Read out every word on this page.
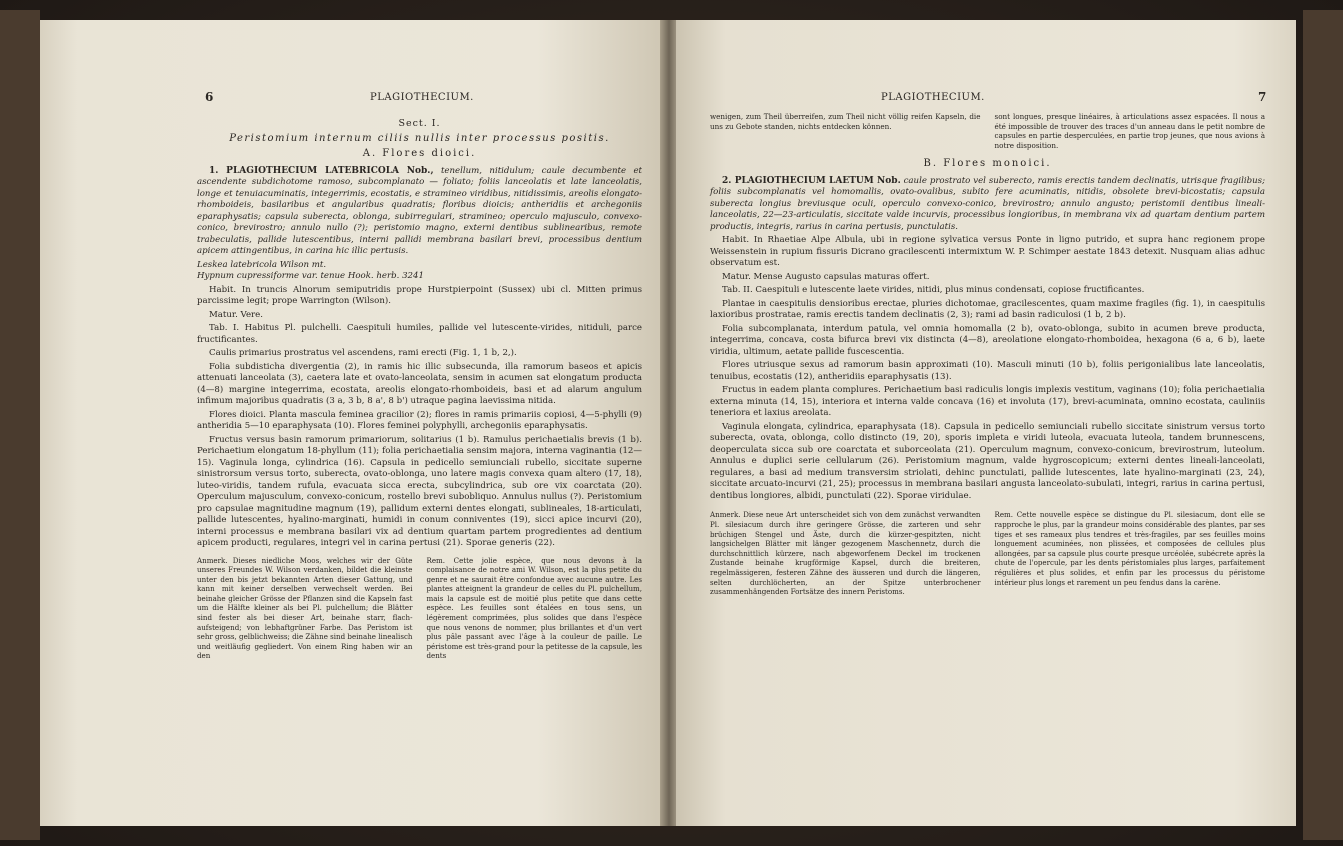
6	PLAGIOTHECIUM.
Sect. I.
Peristomium internum ciliis nullis inter processus positis.
A. Flores dioici.

1. PLAGIOTHECIUM LATEBRICOLA Nob., tenellum, nitidulum; caule decumbente et ascendente subdichotome ramoso, subcomplanato — foliato; foliis lanceolatis et late lanceolatis, longe et tenuiacuminatis, integerrimis, ecostatis, e stramineo viridibus, nitidissimis, areolis elongato-rhomboideis, basilaribus et angularibus quadratis; floribus dioicis; antheridiis et archegoniis eparaphysatis; capsula suberecta, oblonga, subirregulari, stramineo; operculo majusculo, convexo-conico, brevirostro; annulo nullo (?); peristomio magno, externi dentibus sublinearibus, remote trabeculatis, pallide lutescentibus, interni pallidi membrana basilari brevi, processibus dentium apicem attingentibus, in carina hic illic pertusis.

Leskea latebricola Wilson mt.

Hypnum cupressiforme var. tenue Hook. herb. 3241

Habit. In truncis Alnorum semiputridis prope Hurstpierpoint (Sussex) ubi cl. Mitten primus parcissime legit; prope Warrington (Wilson).

Matur. Vere.

Tab. I. Habitus Pl. pulchelli. Caespituli humiles, pallide vel lutescente-virides, nitiduli, parce fructificantes.

Caulis primarius prostratus vel ascendens, rami erecti (Fig. 1, 1 b, 2,).

Folia subdisticha divergentia (2), in ramis hic illic subsecunda, illa ramorum baseos et apicis attenuati lanceolata (3), caetera late et ovato-lanceolata, sensim in acumen sat elongatum producta (4—8) margine integerrima, ecostata, areolis elongato-rhomboideis, basi et ad alarum angulum infimum majoribus quadratis (3 a, 3 b, 8 a', 8 b') utraque pagina laevissima nitida.

Flores dioici. Planta mascula feminea gracilior (2); flores in ramis primariis copiosi, 4—5-phylli (9) antheridia 5—10 eparaphysata (10). Flores feminei polyphylli, archegoniis eparaphysatis.

Fructus versus basin ramorum primariorum, solitarius (1 b). Ramulus perichaetialis brevis (1 b). Perichaetium elongatum 18-phyllum (11); folia perichaetialia sensim majora, interna vaginantia (12—15). Vaginula longa, cylindrica (16). Capsula in pedicello semiunciali rubello, siccitate superne sinistrorsum versus torto, suberecta, ovato-oblonga, uno latere magis convexa quam altero (17, 18), luteo-viridis, tandem rufula, evacuata sicca erecta, subcylindrica, sub ore vix coarctata (20). Operculum majusculum, convexo-conicum, rostello brevi subobliquo. Annulus nullus (?). Peristomium pro capsulae magnitudine magnum (19), pallidum externi dentes elongati, sublineales, 18-articulati, pallide lutescentes, hyalino-marginati, humidi in conum conniventes (19), sicci apice incurvi (20), interni processus e membrana basilari vix ad dentium quartam partem progredientes ad dentium apicem producti, regulares, integri vel in carina pertusi (21). Sporae generis (22).

Anmerk. Dieses niedliche Moos, welches wir der Güte unseres Freundes W. Wilson verdanken, bildet die kleinste unter den bis jetzt bekannten Arten dieser Gattung, und kann mit keiner derselben verwechselt werden. Bei beinahe gleicher Grösse der Pflanzen sind die Kapseln fast um die Hälfte kleiner als bei Pl. pulchellum; die Blätter sind fester als bei dieser Art, beinahe starr, flach-aufsteigend; von lebhaftgrüner Farbe. Das Peristom ist sehr gross, gelblichweiss; die Zähne sind beinahe linealisch und weitläufig gegliedert. Von einem Ring haben wir an den
Rem. Cette jolie espèce, que nous devons à la complaisance de notre ami W. Wilson, est la plus petite du genre et ne saurait être confondue avec aucune autre. Les plantes atteignent la grandeur de celles du Pl. pulchellum, mais la capsule est de moitié plus petite que dans cette espèce. Les feuilles sont étalées en tous sens, un légèrement comprimées, plus solides que dans l'espèce que nous venons de nommer, plus brillantes et d'un vert plus pâle passant avec l'âge à la couleur de paille. Le péristome est très-grand pour la petitesse de la capsule, les dents
PLAGIOTHECIUM.	7
wenigen, zum Theil überreifen, zum Theil nicht völlig reifen Kapseln, die uns zu Gebote standen, nichts entdecken können.
sont longues, presque linéaires, à articulations assez espacées. Il nous a été impossible de trouver des traces d'un anneau dans le petit nombre de capsules en partie desperculées, en partie trop jeunes, que nous avions à notre disposition.
B. Flores monoici.

2. PLAGIOTHECIUM LAETUM Nob. caule prostrato vel suberecto, ramis erectis tandem declinatis, utrisque fragilibus; foliis subcomplanatis vel homomallis, ovato-ovalibus, subito fere acuminatis, nitidis, obsolete brevi-bicostatis; capsula suberecta longius breviusque oculi, operculo convexo-conico, brevirostro; annulo angusto; peristomii dentibus lineali-lanceolatis, 22—23-articulatis, siccitate valde incurvis, processibus longioribus, in membrana vix ad quartam dentium partem productis, integris, rarius in carina pertusis, punctulatis.

Habit. In Rhaetiae Alpe Albula, ubi in regione sylvatica versus Ponte in ligno putrido, et supra hanc regionem prope Weissenstein in rupium fissuris Dicrano gracilescenti intermixtum W. P. Schimper aestate 1843 detexit. Nusquam alias adhuc observatum est.

Matur. Mense Augusto capsulas maturas offert.

Tab. II. Caespituli e lutescente laete virides, nitidi, plus minus condensati, copiose fructificantes.

Plantae in caespitulis densioribus erectae, pluries dichotomae, gracilescentes, quam maxime fragiles (fig. 1), in caespitulis laxioribus prostratae, ramis erectis tandem declinatis (2, 3); rami ad basin radiculosi (1 b, 2 b).

Folia subcomplanata, interdum patula, vel omnia homomalla (2 b), ovato-oblonga, subito in acumen breve producta, integerrima, concava, costa bifurca brevi vix distincta (4—8), areolatione elongato-rhomboidea, hexagona (6 a, 6 b), laete viridia, ultimum, aetate pallide fuscescentia.

Flores utriusque sexus ad ramorum basin approximati (10). Masculi minuti (10 b), foliis perigonialibus late lanceolatis, tenuibus, ecostatis (12), antheridiis eparaphysatis (13).

Fructus in eadem planta complures. Perichaetium basi radiculis longis implexis vestitum, vaginans (10); folia perichaetialia externa minuta (14, 15), interiora et interna valde concava (16) et involuta (17), brevi-acuminata, omnino ecostata, cauliniis teneriora et laxius areolata.

Vaginula elongata, cylindrica, eparaphysata (18). Capsula in pedicello semiunciali rubello siccitate sinistrum versus torto suberecta, ovata, oblonga, collo distincto (19, 20), sporis impleta e viridi luteola, evacuata luteola, tandem brunnescens, deoperculata sicca sub ore coarctata et suborceolata (21). Operculum magnum, convexo-conicum, brevirostrum, luteolum. Annulus e duplici serie cellularum (26). Peristomium magnum, valde hygroscopicum; externi dentes lineali-lanceolati, regulares, a basi ad medium transversim striolati, dehinc punctulati, pallide lutescentes, late hyalino-marginati (23, 24), siccitate arcuato-incurvi (21, 25); processus in membrana basilari angusta lanceolato-subulati, integri, rarius in carina pertusi, dentibus longiores, albidi, punctulati (22). Sporae viridulae.

Anmerk. Diese neue Art unterscheidet sich von dem zunächst verwandten Pl. silesiacum durch ihre geringere Grösse, die zarteren und sehr brüchigen Stengel und Äste, durch die kürzer-gespitzten, nicht langsichelgen Blätter mit länger gezogenem Maschennetz, durch die durchschnittlich kürzere, nach abgeworfenem Deckel im trockenen Zustande beinahe krugförmige Kapsel, durch die breiteren, regelmässigeren, festeren Zähne des äusseren und durch die längeren, selten durchlöcherten, an der Spitze unterbrochener zusammenhängenden Fortsätze des innern Peristoms.
Rem. Cette nouvelle espèce se distingue du Pl. silesiacum, dont elle se rapproche le plus, par la grandeur moins considérable des plantes, par ses tiges et ses rameaux plus tendres et très-fragiles, par ses feuilles moins longuement acuminées, non plissées, et composées de cellules plus allongées, par sa capsule plus courte presque urcéolée, subécrete après la chute de l'opercule, par les dents péristomiales plus larges, parfaitement régulières et plus solides, et enfin par les processus du péristome intérieur plus longs et rarement un peu fendus dans la carène.
